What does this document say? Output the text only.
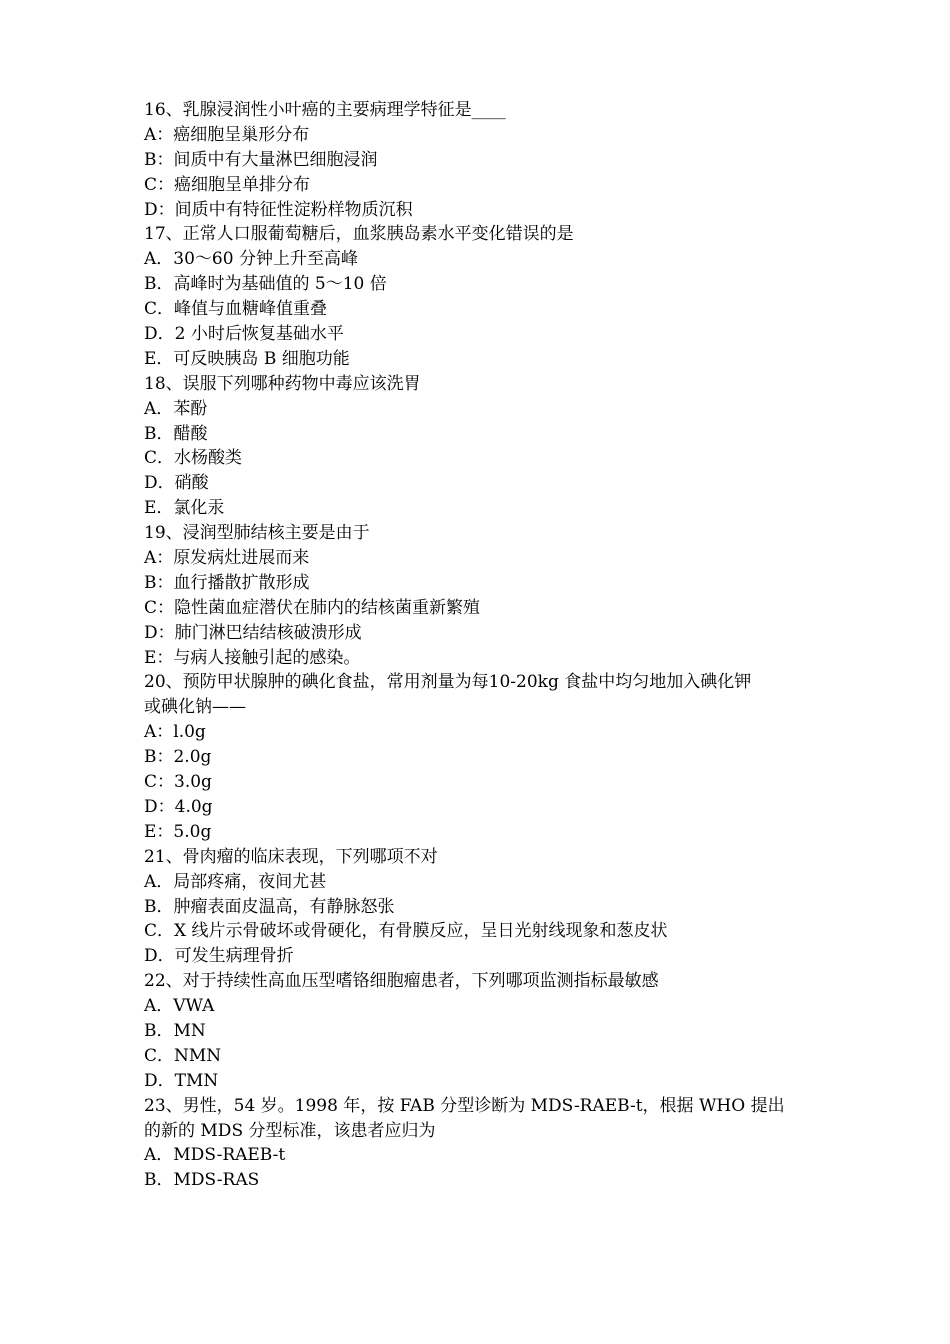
16、乳腺浸润性小叶癌的主要病理学特征是____
A：癌细胞呈巢形分布
B：间质中有大量淋巴细胞浸润
C：癌细胞呈单排分布
D：间质中有特征性淀粉样物质沉积
17、正常人口服葡萄糖后，血浆胰岛素水平变化错误的是
A．30～60 分钟上升至高峰
B．高峰时为基础值的 5～10 倍
C．峰值与血糖峰值重叠
D．2 小时后恢复基础水平
E．可反映胰岛 B 细胞功能
18、误服下列哪种药物中毒应该洗胃
A．苯酚
B．醋酸
C．水杨酸类
D．硝酸
E．氯化汞
19、浸润型肺结核主要是由于
A：原发病灶进展而来
B：血行播散扩散形成
C：隐性菌血症潜伏在肺内的结核菌重新繁殖
D：肺门淋巴结结核破溃形成
E：与病人接触引起的感染。
20、预防甲状腺肿的碘化食盐，常用剂量为每10-20kg 食盐中均匀地加入碘化钾
或碘化钠——
A：l.0g
B：2.0g
C：3.0g
D：4.0g
E：5.0g
21、骨肉瘤的临床表现，下列哪项不对
A．局部疼痛，夜间尤甚
B．肿瘤表面皮温高，有静脉怒张
C．X 线片示骨破坏或骨硬化，有骨膜反应，呈日光射线现象和葱皮状
D．可发生病理骨折
22、对于持续性高血压型嗜铬细胞瘤患者，下列哪项监测指标最敏感
A．VWA
B．MN
C．NMN
D．TMN
23、男性，54 岁。1998 年，按 FAB 分型诊断为 MDS-RAEB-t，根据 WHO 提出
的新的 MDS 分型标准，该患者应归为
A．MDS-RAEB-t
B．MDS-RAS
